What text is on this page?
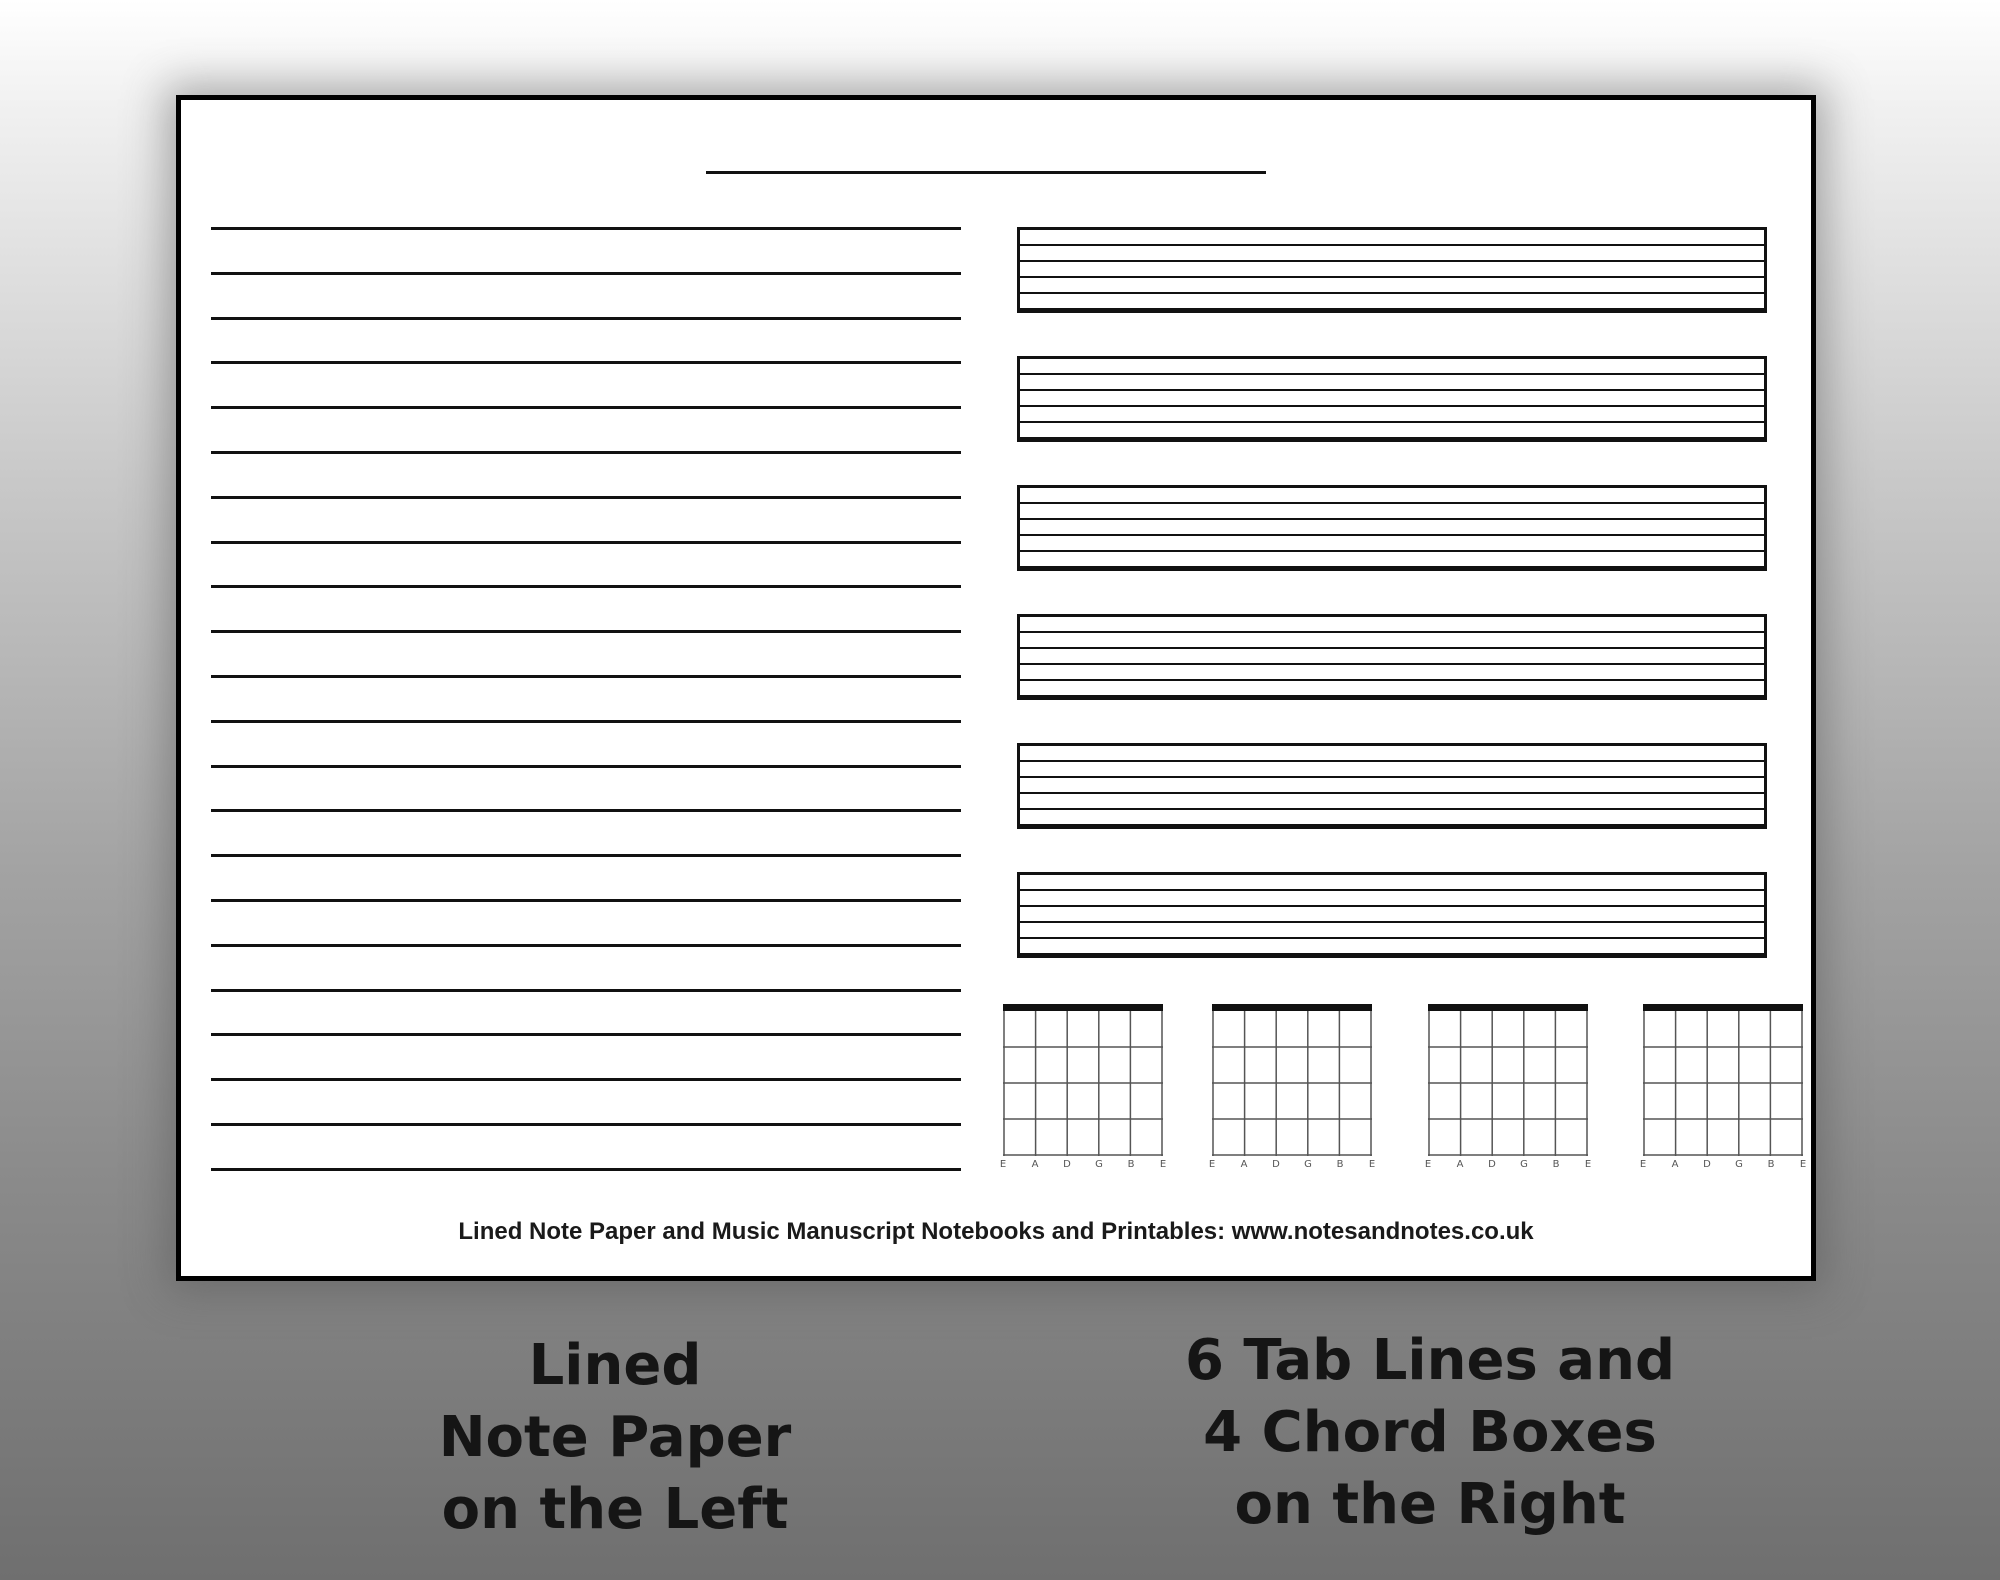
E	A	D	G	B	E	E	A	D	G	B	E	E	A	D	G	B	E	E	A	D	G	B	E
Lined Note Paper and Music Manuscript Notebooks and Printables: www.notesandnotes.co.uk
Lined
Note Paper
on the Left
6 Tab Lines and
4 Chord Boxes
on the Right
